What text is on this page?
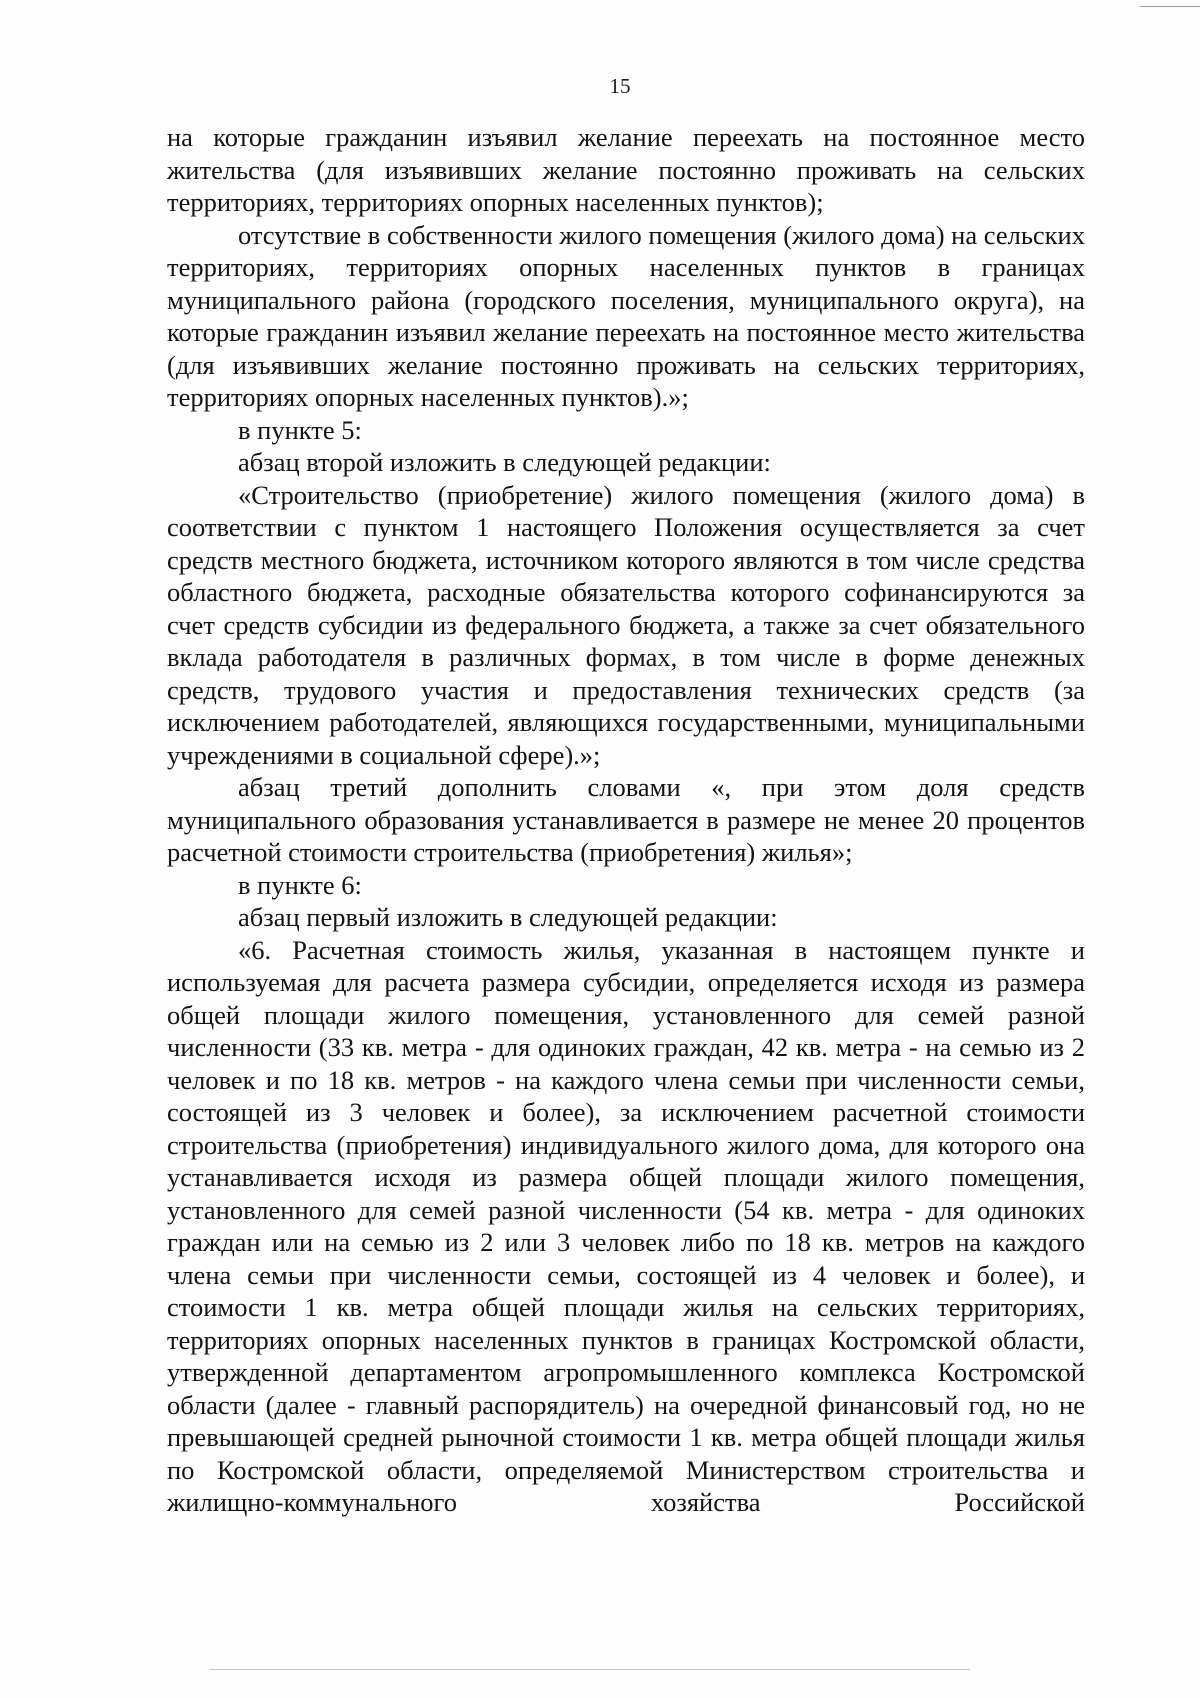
15

на которые гражданин изъявил желание переехать на постоянное место жительства (для изъявивших желание постоянно проживать на сельских территориях, территориях опорных населенных пунктов);

отсутствие в собственности жилого помещения (жилого дома) на сельских территориях, территориях опорных населенных пунктов в границах муниципального района (городского поселения, муниципального округа), на которые гражданин изъявил желание переехать на постоянное место жительства (для изъявивших желание постоянно проживать на сельских территориях, территориях опорных населенных пунктов).»;

в пункте 5:

абзац второй изложить в следующей редакции:

«Строительство (приобретение) жилого помещения (жилого дома) в соответствии с пунктом 1 настоящего Положения осуществляется за счет средств местного бюджета, источником которого являются в том числе средства областного бюджета, расходные обязательства которого софинансируются за счет средств субсидии из федерального бюджета, а также за счет обязательного вклада работодателя в различных формах, в том числе в форме денежных средств, трудового участия и предоставления технических средств (за исключением работодателей, являющихся государственными, муниципальными учреждениями в социальной сфере).»;

абзац третий дополнить словами «, при этом доля средств муниципального образования устанавливается в размере не менее 20 процентов расчетной стоимости строительства (приобретения) жилья»;

в пункте 6:

абзац первый изложить в следующей редакции:

«6. Расчетная стоимость жилья, указанная в настоящем пункте и используемая для расчета размера субсидии, определяется исходя из размера общей площади жилого помещения, установленного для семей разной численности (33 кв. метра - для одиноких граждан, 42 кв. метра - на семью из 2 человек и по 18 кв. метров - на каждого члена семьи при численности семьи, состоящей из 3 человек и более), за исключением расчетной стоимости строительства (приобретения) индивидуального жилого дома, для которого она устанавливается исходя из размера общей площади жилого помещения, установленного для семей разной численности (54 кв. метра - для одиноких граждан или на семью из 2 или 3 человек либо по 18 кв. метров на каждого члена семьи при численности семьи, состоящей из 4 человек и более), и стоимости 1 кв. метра общей площади жилья на сельских территориях, территориях опорных населенных пунктов в границах Костромской области, утвержденной департаментом агропромышленного комплекса Костромской области (далее - главный распорядитель) на очередной финансовый год, но не превышающей средней рыночной стоимости 1 кв. метра общей площади жилья по Костромской области, определяемой Министерством строительства и жилищно-коммунального хозяйства Российской
